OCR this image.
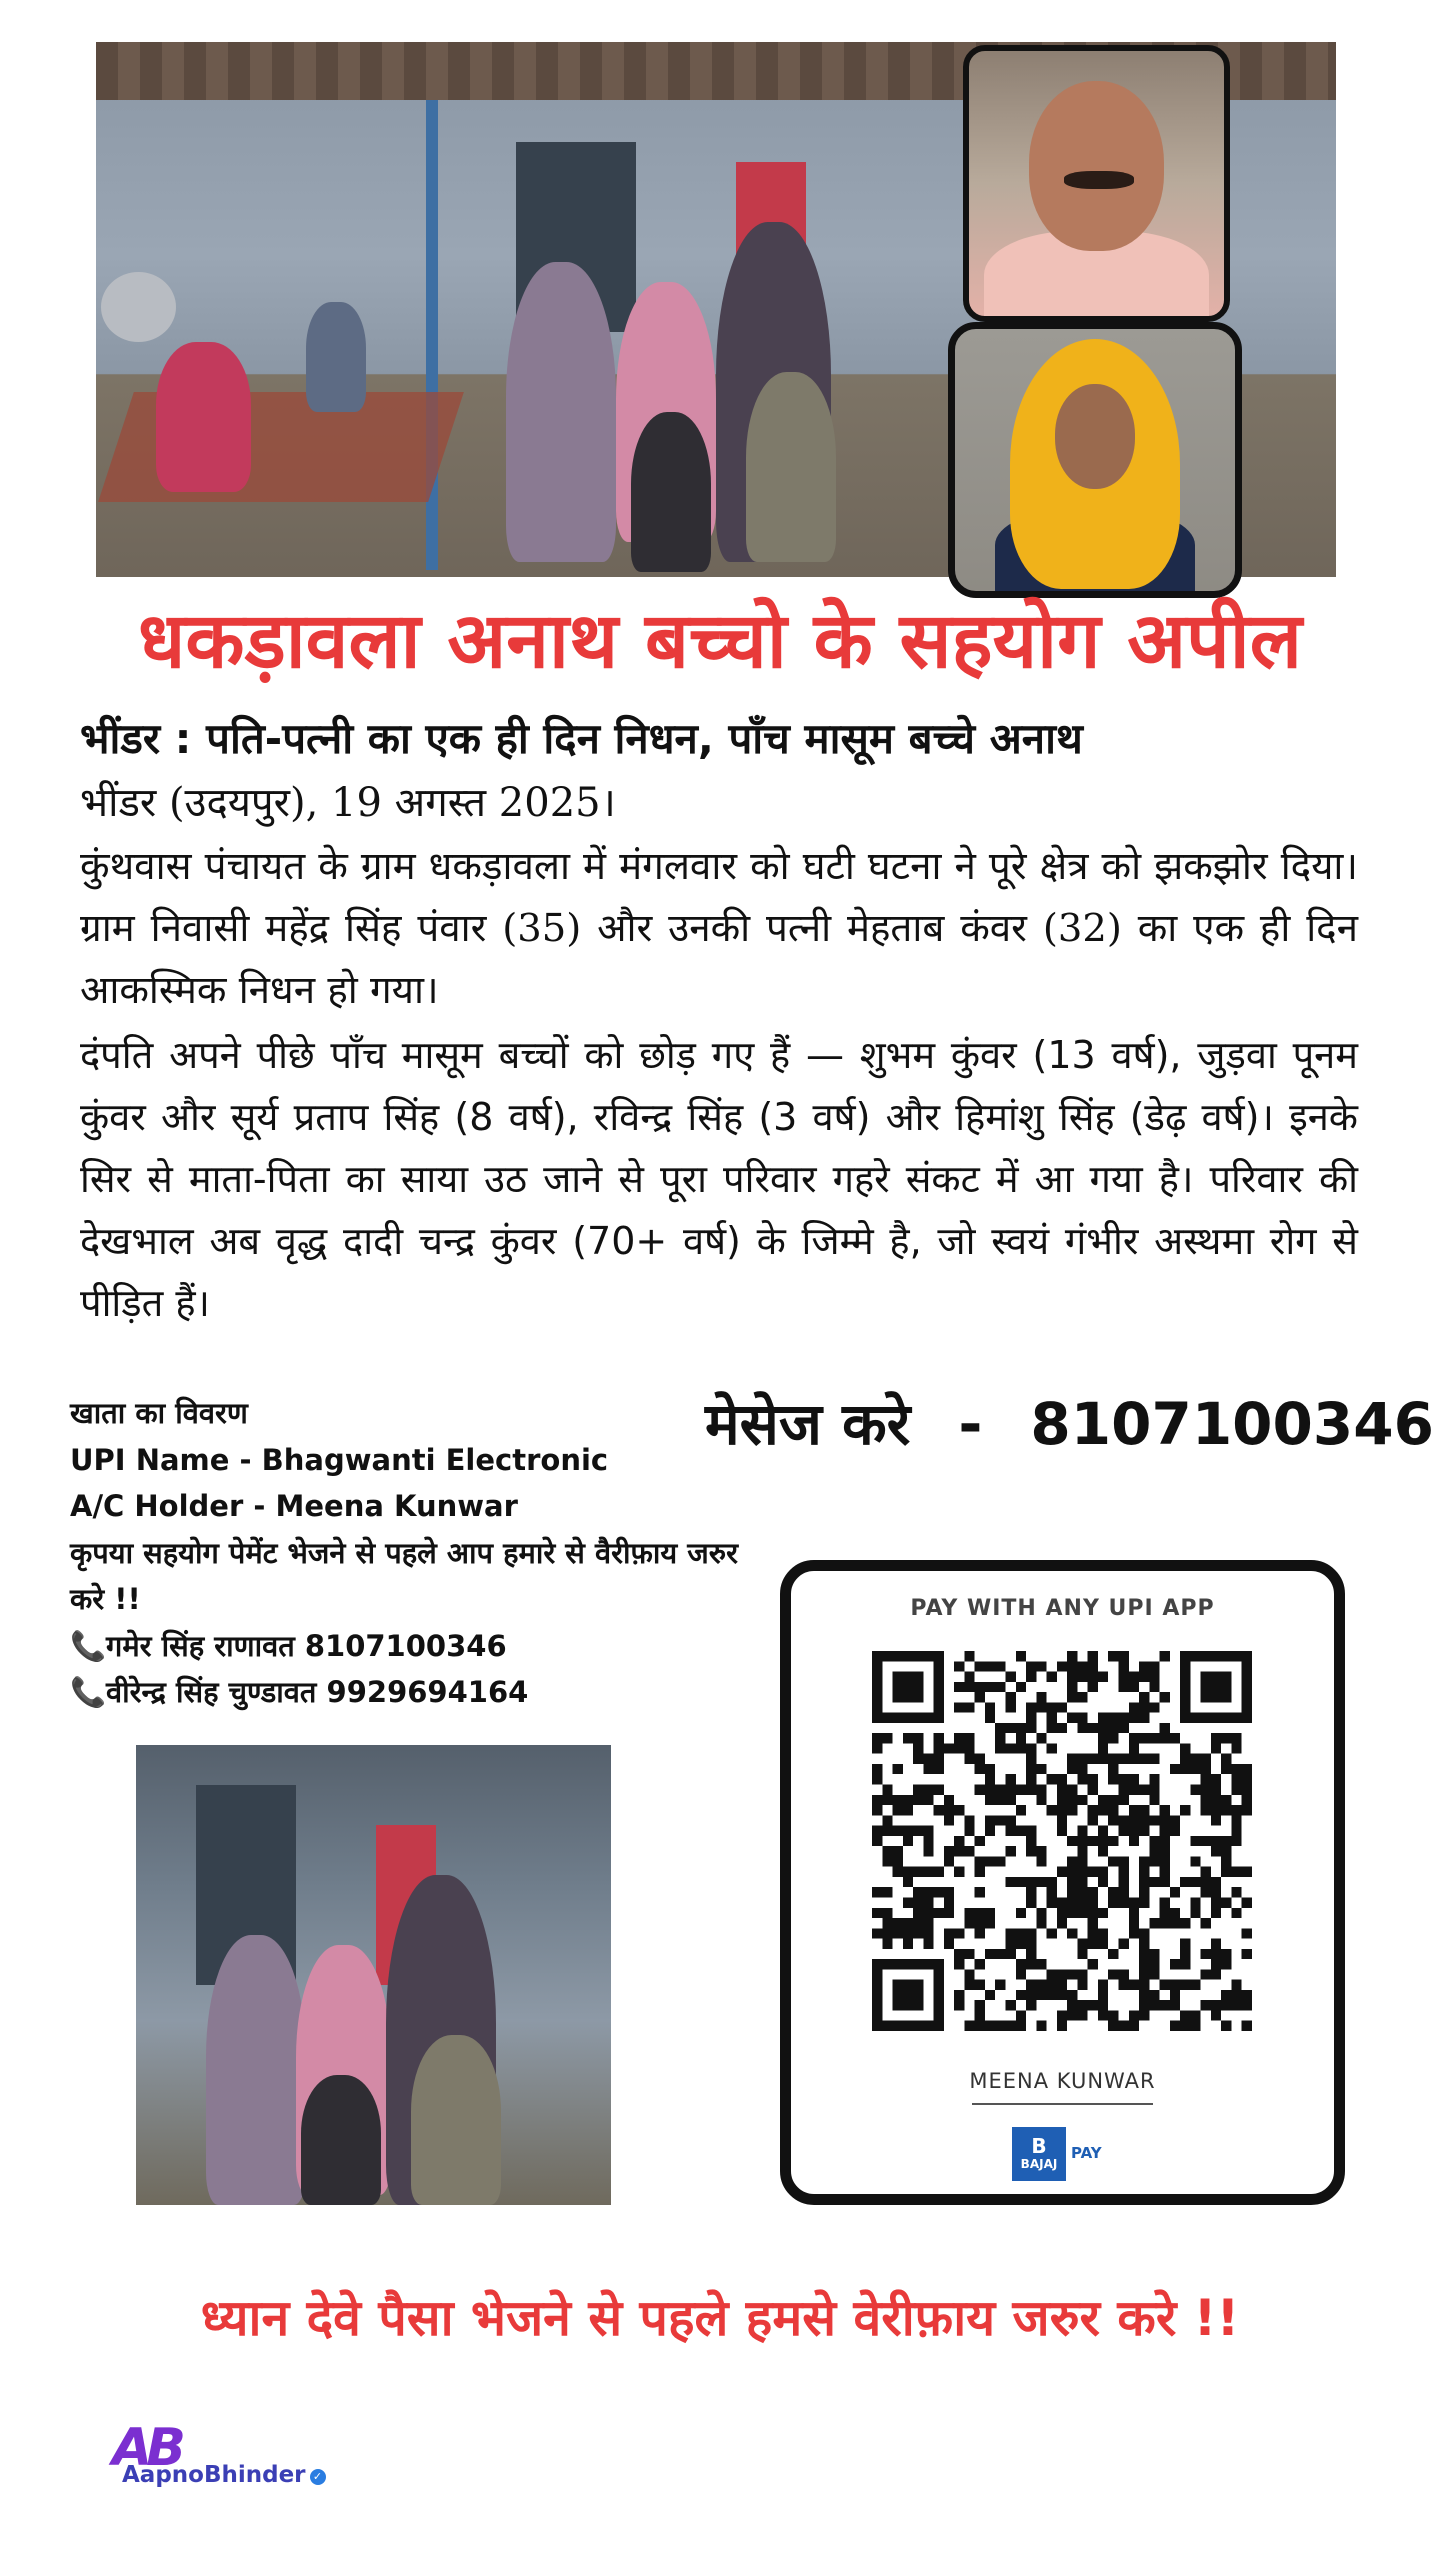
धकड़ावला अनाथ बच्चो के सहयोग अपील
भींडर : पति-पत्नी का एक ही दिन निधन, पाँच मासूम बच्चे अनाथ
भींडर (उदयपुर), 19 अगस्त 2025।
कुंथवास पंचायत के ग्राम धकड़ावला में मंगलवार को घटी घटना ने पूरे क्षेत्र को झकझोर दिया। ग्राम निवासी महेंद्र सिंह पंवार (35) और उनकी पत्नी मेहताब कंवर (32) का एक ही दिन आकस्मिक निधन हो गया।
दंपति अपने पीछे पाँच मासूम बच्चों को छोड़ गए हैं — शुभम कुंवर (13 वर्ष), जुड़वा पूनम कुंवर और सूर्य प्रताप सिंह (8 वर्ष), रविन्द्र सिंह (3 वर्ष) और हिमांशु सिंह (डेढ़ वर्ष)। इनके सिर से माता-पिता का साया उठ जाने से पूरा परिवार गहरे संकट में आ गया है। परिवार की देखभाल अब वृद्ध दादी चन्द्र कुंवर (70+ वर्ष) के जिम्मे है, जो स्वयं गंभीर अस्थमा रोग से पीड़ित हैं।
खाता का विवरण
UPI Name - Bhagwanti Electronic
A/C Holder - Meena Kunwar
कृपया सहयोग पेमेंट भेजने से पहले आप हमारे से वैरीफ़ाय जरुर करे !!
📞गमेर सिंह राणावत 8107100346
📞वीरेन्द्र सिंह चुण्डावत 9929694164
मेसेज करे - 8107100346
PAY WITH ANY UPI APP
MEENA KUNWAR
B
BAJAJ
PAY
ध्यान देवे पैसा भेजने से पहले हमसे वेरीफ़ाय जरुर करे !!
AB
AapnoBhinder ✓
